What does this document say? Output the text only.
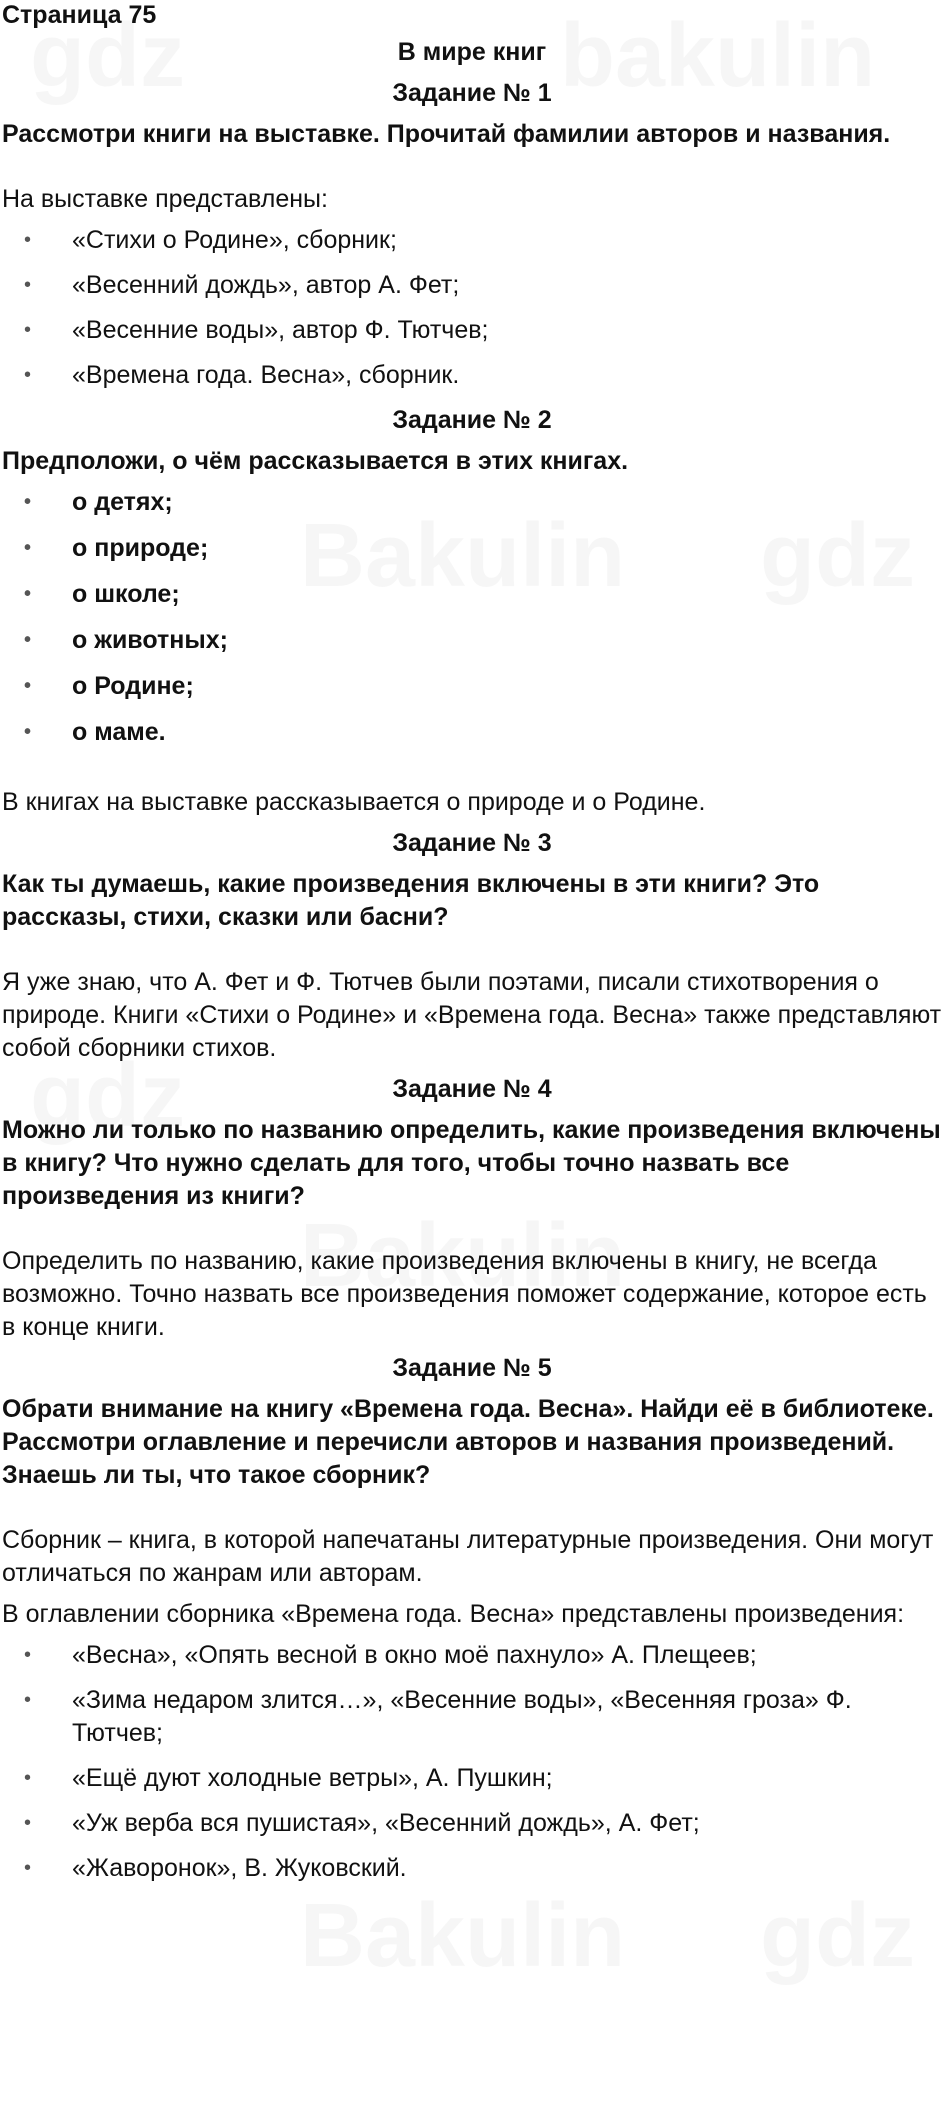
Страница 75

В мире книг

Задание № 1

Рассмотри книги на выставке. Прочитай фамилии авторов и названия.

На выставке представлены:

• «Стихи о Родине», сборник;
• «Весенний дождь», автор А. Фет;
• «Весенние воды», автор Ф. Тютчев;
• «Времена года. Весна», сборник.

Задание № 2

Предположи, о чём рассказывается в этих книгах.

• о детях;
• о природе;
• о школе;
• о животных;
• о Родине;
• о маме.

В книгах на выставке рассказывается о природе и о Родине.

Задание № 3

Как ты думаешь, какие произведения включены в эти книги? Это рассказы, стихи, сказки или басни?

Я уже знаю, что А. Фет и Ф. Тютчев были поэтами, писали стихотворения о природе. Книги «Стихи о Родине» и «Времена года. Весна» также представляют собой сборники стихов.

Задание № 4

Можно ли только по названию определить, какие произведения включены в книгу? Что нужно сделать для того, чтобы точно назвать все произведения из книги?

Определить по названию, какие произведения включены в книгу, не всегда возможно. Точно назвать все произведения поможет содержание, которое есть в конце книги.

Задание № 5

Обрати внимание на книгу «Времена года. Весна». Найди её в библиотеке. Рассмотри оглавление и перечисли авторов и названия произведений. Знаешь ли ты, что такое сборник?

Сборник – книга, в которой напечатаны литературные произведения. Они могут отличаться по жанрам или авторам.

В оглавлении сборника «Времена года. Весна» представлены произведения:

• «Весна», «Опять весной в окно моё пахнуло» А. Плещеев;
• «Зима недаром злится…», «Весенние воды», «Весенняя гроза» Ф. Тютчев;
• «Ещё дуют холодные ветры», А. Пушкин;
• «Уж верба вся пушистая», «Весенний дождь», А. Фет;
• «Жаворонок», В. Жуковский.
